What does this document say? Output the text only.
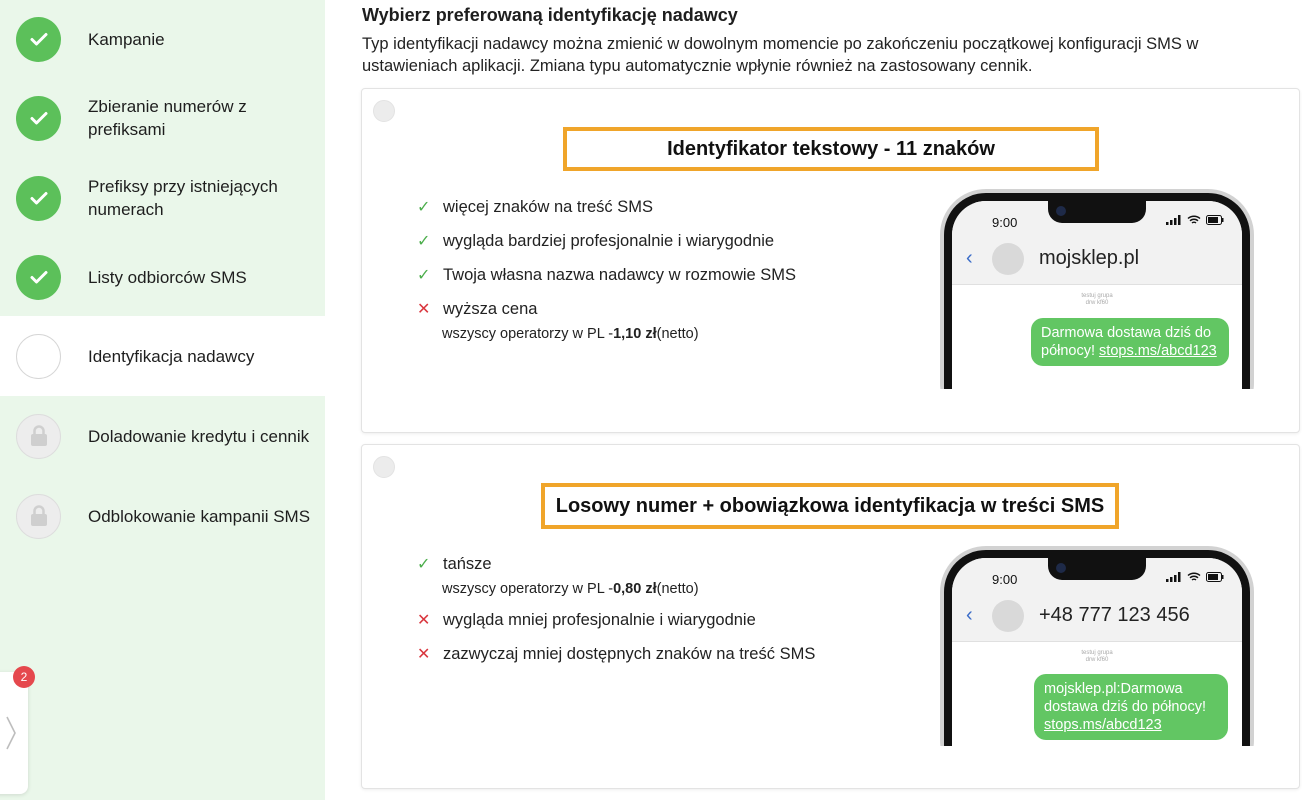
Kampanie
Zbieranie numerów z prefiksami
Prefiksy przy istniejących numerach
Listy odbiorców SMS
Identyfikacja nadawcy
Doladowanie kredytu i cennik
Odblokowanie kampanii SMS
2
Wybierz preferowaną identyfikację nadawcy
Typ identyfikacji nadawcy można zmienić w dowolnym momencie po zakończeniu początkowej konfiguracji SMS w ustawieniach aplikacji. Zmiana typu automatycznie wpłynie również na zastosowany cennik.
Identyfikator tekstowy - 11 znaków
✓ więcej znaków na treść SMS
✓ wygląda bardziej profesjonalnie i wiarygodnie
✓ Twoja własna nazwa nadawcy w rozmowie SMS
✕ wyższa cena
wszyscy operatorzy w PL - 1,10 zł (netto)
9:00
‹	mojsklep.pl
testuj grupa
drw kf60
Darmowa dostawa dziś do północy! stops.ms/abcd123
Losowy numer + obowiązkowa identyfikacja w treści SMS
✓ tańsze
wszyscy operatorzy w PL - 0,80 zł (netto)
✕ wygląda mniej profesjonalnie i wiarygodnie
✕ zazwyczaj mniej dostępnych znaków na treść SMS
9:00
‹	+48 777 123 456
testuj grupa
drw kf60
mojsklep.pl:Darmowa dostawa dziś do północy! stops.ms/abcd123
